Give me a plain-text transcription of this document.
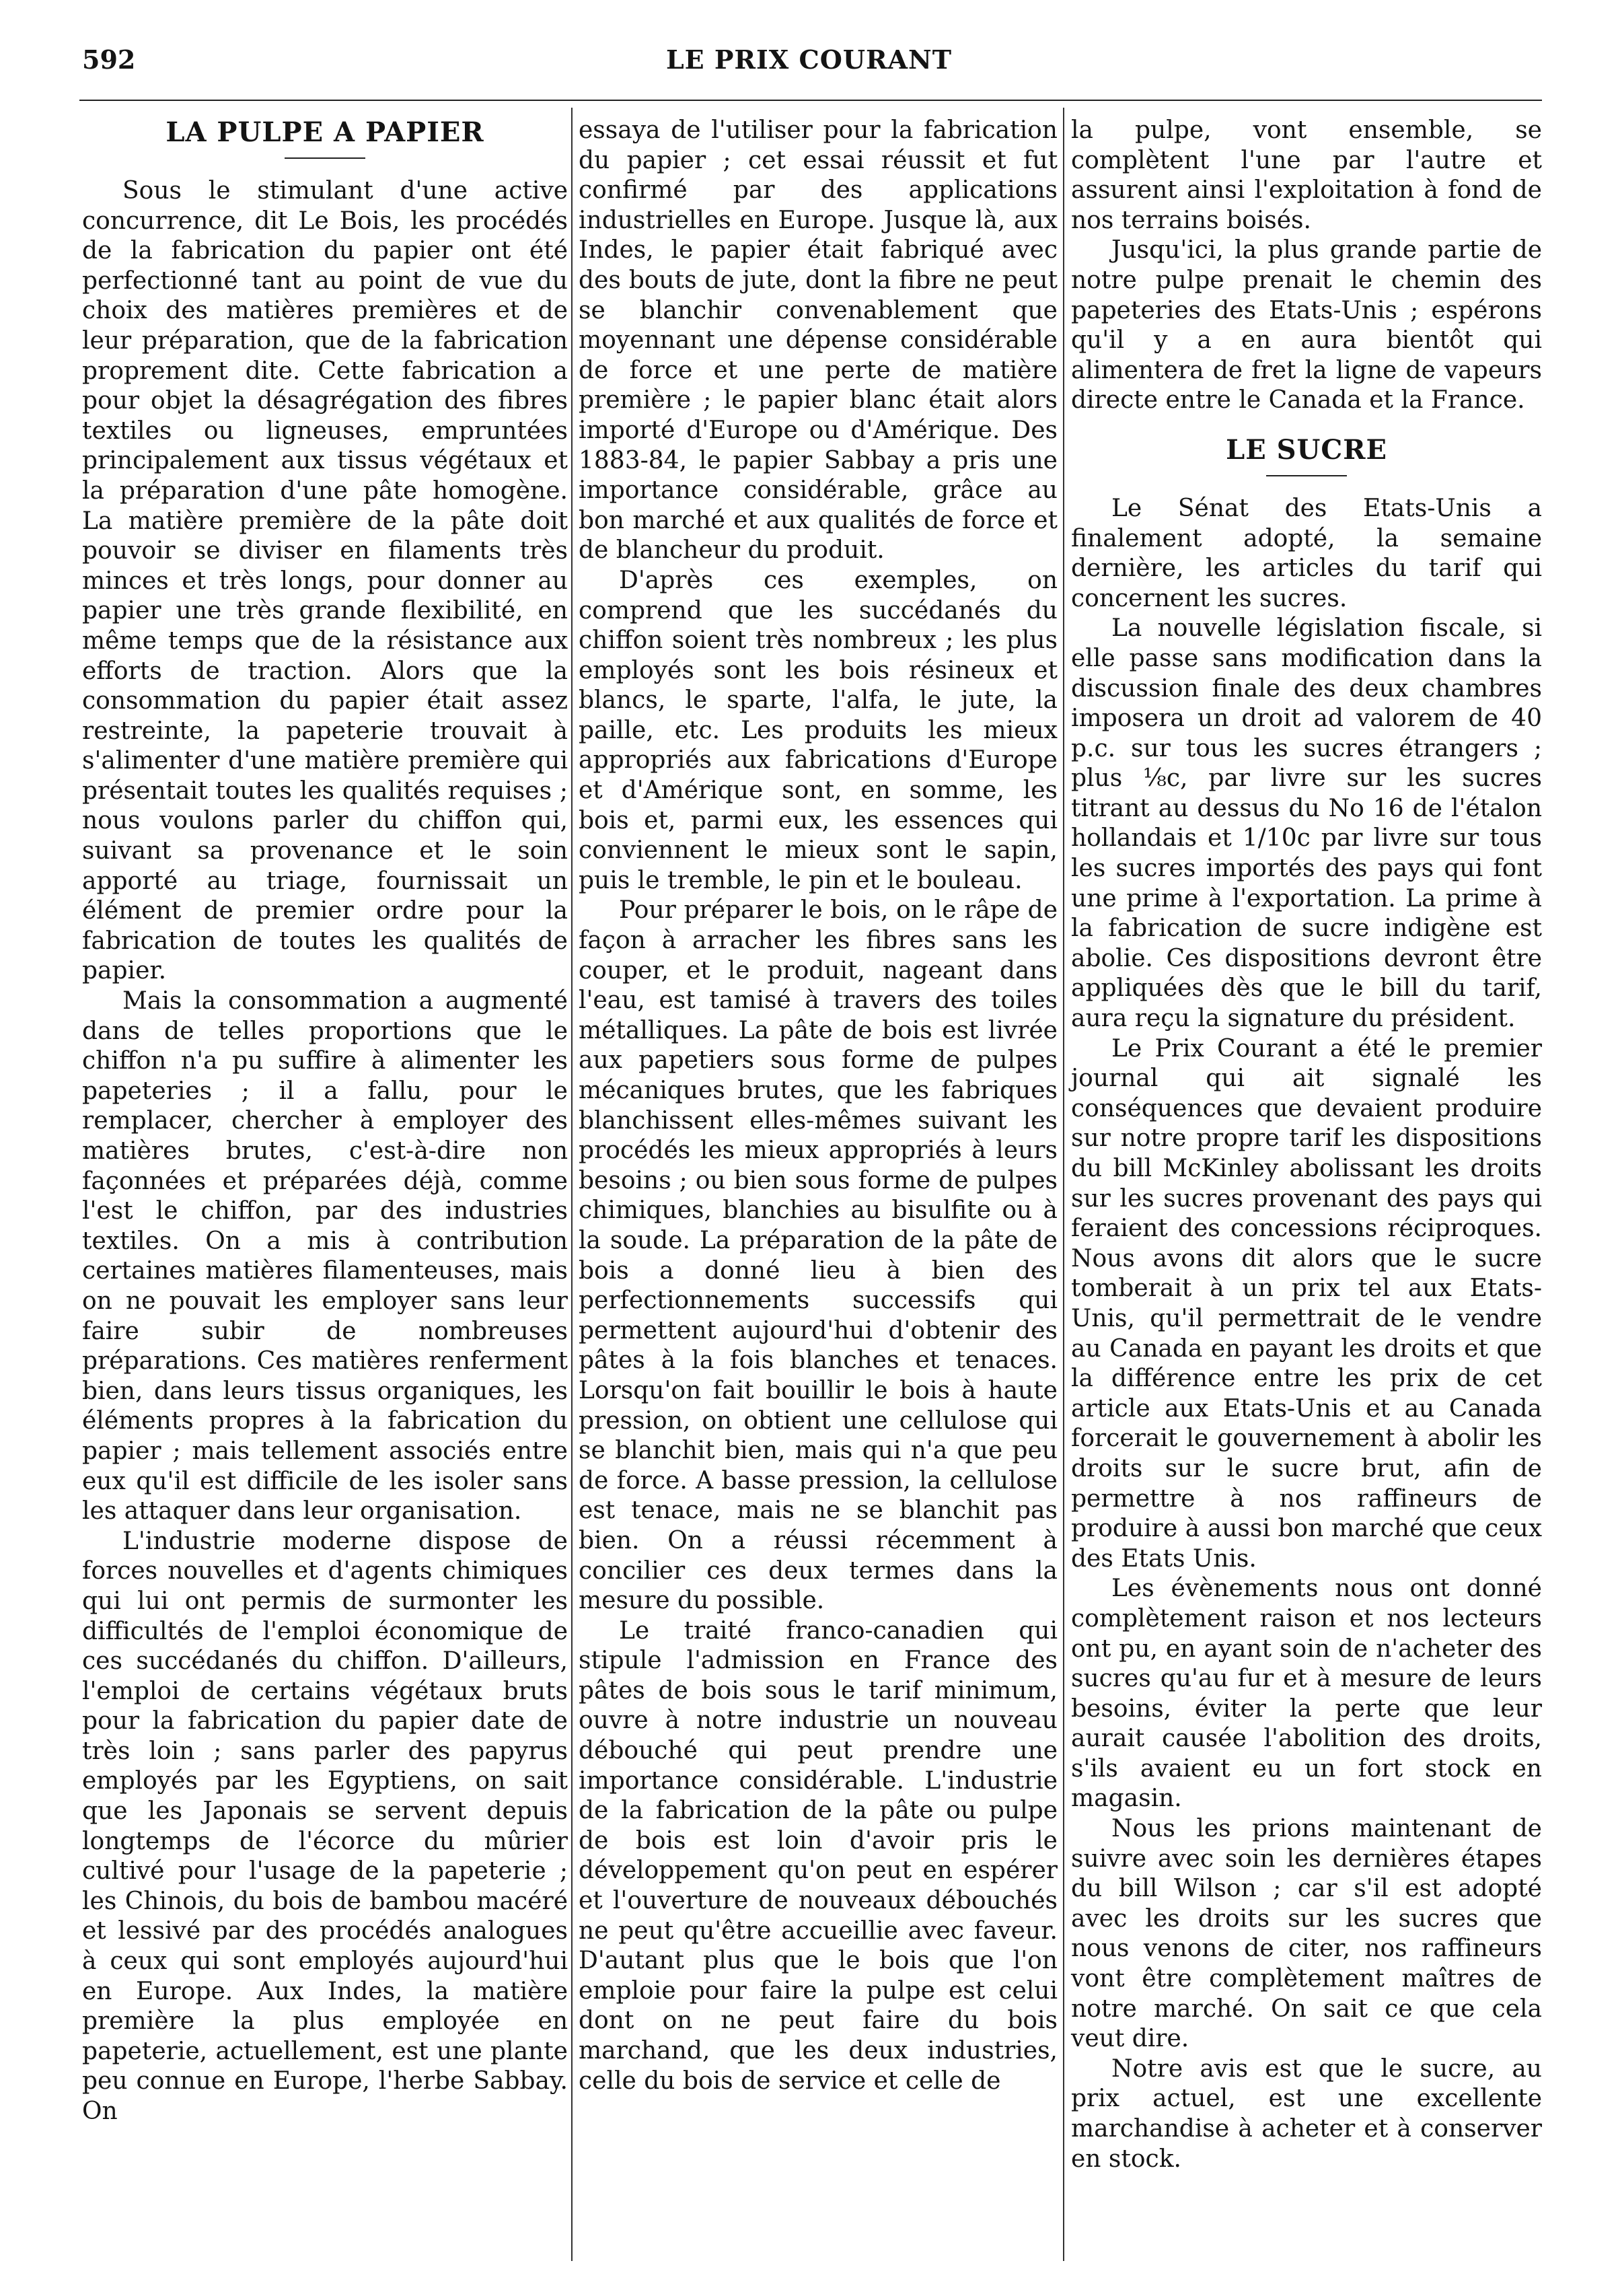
592	LE PRIX COURANT
LA PULPE A PAPIER

Sous le stimulant d'une active concurrence, dit Le Bois, les procédés de la fabrication du papier ont été perfectionné tant au point de vue du choix des matières premières et de leur préparation, que de la fabrication proprement dite. Cette fabrication a pour objet la désagrégation des fibres textiles ou ligneuses, empruntées principalement aux tissus végétaux et la préparation d'une pâte homogène. La matière première de la pâte doit pouvoir se diviser en filaments très minces et très longs, pour donner au papier une très grande flexibilité, en même temps que de la résistance aux efforts de traction. Alors que la consommation du papier était assez restreinte, la papeterie trouvait à s'alimenter d'une matière première qui présentait toutes les qualités requises ; nous voulons parler du chiffon qui, suivant sa provenance et le soin apporté au triage, fournissait un élément de premier ordre pour la fabrication de toutes les qualités de papier.

Mais la consommation a augmenté dans de telles proportions que le chiffon n'a pu suffire à alimenter les papeteries ; il a fallu, pour le remplacer, chercher à employer des matières brutes, c'est-à-dire non façonnées et préparées déjà, comme l'est le chiffon, par des industries textiles. On a mis à contribution certaines matières filamenteuses, mais on ne pouvait les employer sans leur faire subir de nombreuses préparations. Ces matières renferment bien, dans leurs tissus organiques, les éléments propres à la fabrication du papier ; mais tellement associés entre eux qu'il est difficile de les isoler sans les attaquer dans leur organisation.

L'industrie moderne dispose de forces nouvelles et d'agents chimiques qui lui ont permis de surmonter les difficultés de l'emploi économique de ces succédanés du chiffon. D'ailleurs, l'emploi de certains végétaux bruts pour la fabrication du papier date de très loin ; sans parler des papyrus employés par les Egyptiens, on sait que les Japonais se servent depuis longtemps de l'écorce du mûrier cultivé pour l'usage de la papeterie ; les Chinois, du bois de bambou macéré et lessivé par des procédés analogues à ceux qui sont employés aujourd'hui en Europe. Aux Indes, la matière première la plus employée en papeterie, actuellement, est une plante peu connue en Europe, l'herbe Sabbay. On

essaya de l'utiliser pour la fabrication du papier ; cet essai réussit et fut confirmé par des applications industrielles en Europe. Jusque là, aux Indes, le papier était fabriqué avec des bouts de jute, dont la fibre ne peut se blanchir convenablement que moyennant une dépense considérable de force et une perte de matière première ; le papier blanc était alors importé d'Europe ou d'Amérique. Des 1883-84, le papier Sabbay a pris une importance considérable, grâce au bon marché et aux qualités de force et de blancheur du produit.

D'après ces exemples, on comprend que les succédanés du chiffon soient très nombreux ; les plus employés sont les bois résineux et blancs, le sparte, l'alfa, le jute, la paille, etc. Les produits les mieux appropriés aux fabrications d'Europe et d'Amérique sont, en somme, les bois et, parmi eux, les essences qui conviennent le mieux sont le sapin, puis le tremble, le pin et le bouleau.

Pour préparer le bois, on le râpe de façon à arracher les fibres sans les couper, et le produit, nageant dans l'eau, est tamisé à travers des toiles métalliques. La pâte de bois est livrée aux papetiers sous forme de pulpes mécaniques brutes, que les fabriques blanchissent elles-mêmes suivant les procédés les mieux appropriés à leurs besoins ; ou bien sous forme de pulpes chimiques, blanchies au bisulfite ou à la soude. La préparation de la pâte de bois a donné lieu à bien des perfectionnements successifs qui permettent aujourd'hui d'obtenir des pâtes à la fois blanches et tenaces. Lorsqu'on fait bouillir le bois à haute pression, on obtient une cellulose qui se blanchit bien, mais qui n'a que peu de force. A basse pression, la cellulose est tenace, mais ne se blanchit pas bien. On a réussi récemment à concilier ces deux termes dans la mesure du possible.

Le traité franco-canadien qui stipule l'admission en France des pâtes de bois sous le tarif minimum, ouvre à notre industrie un nouveau débouché qui peut prendre une importance considérable. L'industrie de la fabrication de la pâte ou pulpe de bois est loin d'avoir pris le développement qu'on peut en espérer et l'ouverture de nouveaux débouchés ne peut qu'être accueillie avec faveur. D'autant plus que le bois que l'on emploie pour faire la pulpe est celui dont on ne peut faire du bois marchand, que les deux industries, celle du bois de service et celle de

la pulpe, vont ensemble, se complètent l'une par l'autre et assurent ainsi l'exploitation à fond de nos terrains boisés.

Jusqu'ici, la plus grande partie de notre pulpe prenait le chemin des papeteries des Etats-Unis ; espérons qu'il y a en aura bientôt qui alimentera de fret la ligne de vapeurs directe entre le Canada et la France.

LE SUCRE

Le Sénat des Etats-Unis a finalement adopté, la semaine dernière, les articles du tarif qui concernent les sucres.

La nouvelle législation fiscale, si elle passe sans modification dans la discussion finale des deux chambres imposera un droit ad valorem de 40 p.c. sur tous les sucres étrangers ; plus ⅛c, par livre sur les sucres titrant au dessus du No 16 de l'étalon hollandais et 1/10c par livre sur tous les sucres importés des pays qui font une prime à l'exportation. La prime à la fabrication de sucre indigène est abolie. Ces dispositions devront être appliquées dès que le bill du tarif, aura reçu la signature du président.

Le Prix Courant a été le premier journal qui ait signalé les conséquences que devaient produire sur notre propre tarif les dispositions du bill McKinley abolissant les droits sur les sucres provenant des pays qui feraient des concessions réciproques. Nous avons dit alors que le sucre tomberait à un prix tel aux Etats-Unis, qu'il permettrait de le vendre au Canada en payant les droits et que la différence entre les prix de cet article aux Etats-Unis et au Canada forcerait le gouvernement à abolir les droits sur le sucre brut, afin de permettre à nos raffineurs de produire à aussi bon marché que ceux des Etats Unis.

Les évènements nous ont donné complètement raison et nos lecteurs ont pu, en ayant soin de n'acheter des sucres qu'au fur et à mesure de leurs besoins, éviter la perte que leur aurait causée l'abolition des droits, s'ils avaient eu un fort stock en magasin.

Nous les prions maintenant de suivre avec soin les dernières étapes du bill Wilson ; car s'il est adopté avec les droits sur les sucres que nous venons de citer, nos raffineurs vont être complètement maîtres de notre marché. On sait ce que cela veut dire.

Notre avis est que le sucre, au prix actuel, est une excellente marchandise à acheter et à conserver en stock.
